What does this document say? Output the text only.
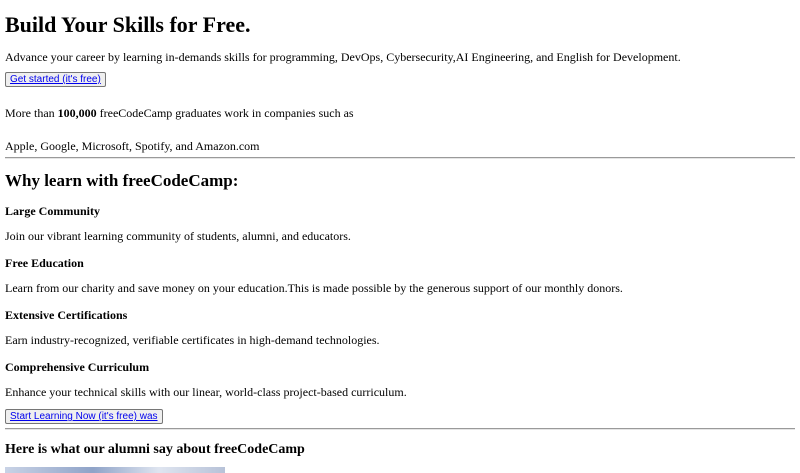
Build Your Skills for Free.

Advance your career by learning in-demands skills for programming, DevOps, Cybersecurity,AI Engineering, and English for Development.

Get started (it's free)

More than 100,000 freeCodeCamp graduates work in companies such as

Apple, Google, Microsoft, Spotify, and Amazon.com

Why learn with freeCodeCamp:
Large Community

Join our vibrant learning community of students, alumni, and educators.

Free Education

Learn from our charity and save money on your education.This is made possible by the generous support of our monthly donors.

Extensive Certifications

Earn industry-recognized, verifiable certificates in high-demand technologies.

Comprehensive Curriculum

Enhance your technical skills with our linear, world-class project-based curriculum.

Start Learning Now (it's free) was
Here is what our alumni say about freeCodeCamp
